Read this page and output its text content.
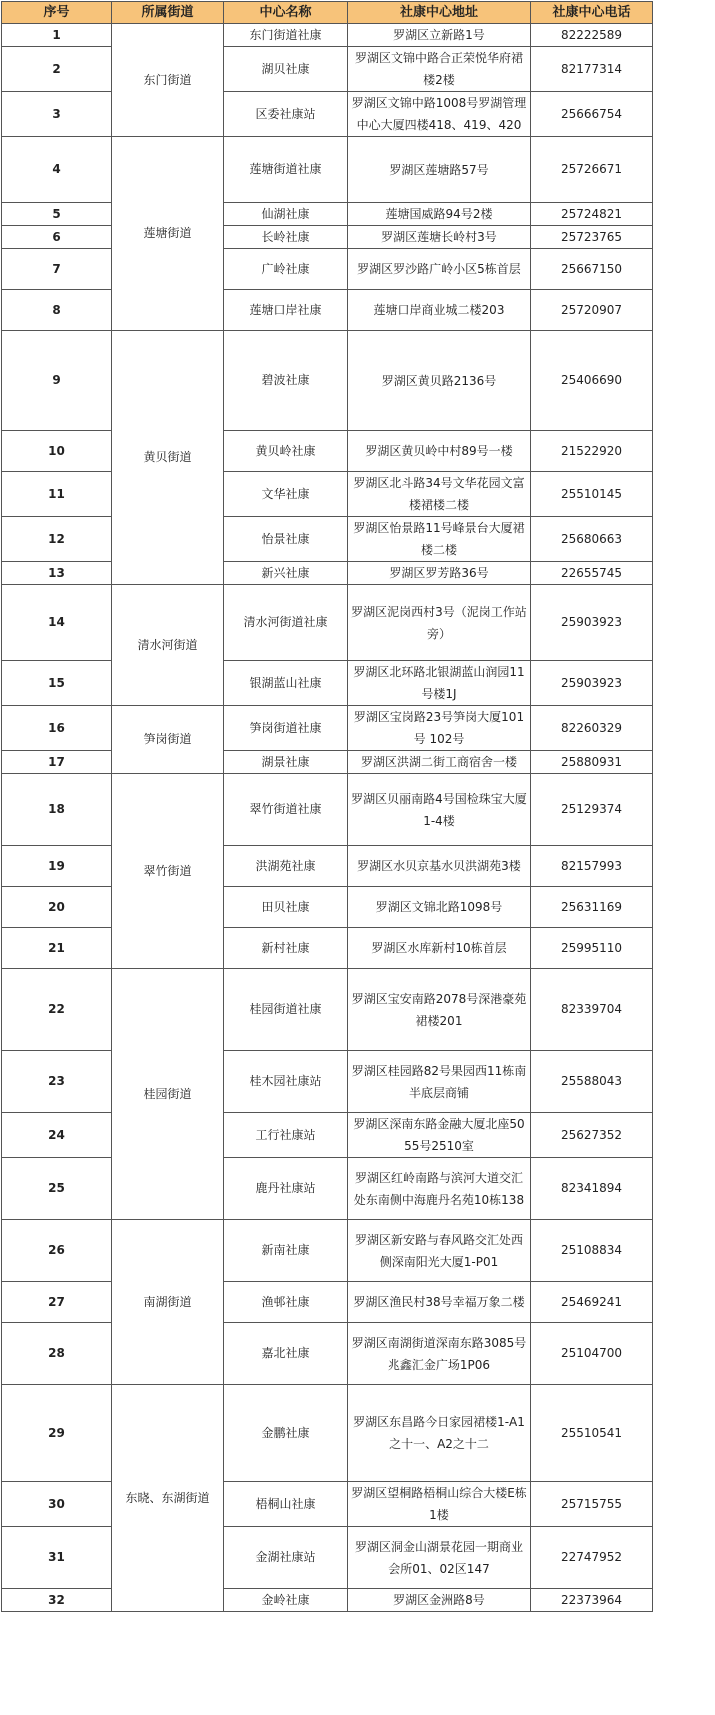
序号	所属街道	中心名称	社康中心地址	社康中心电话
1	东门街道	东门街道社康	罗湖区立新路1号	82222589
2		湖贝社康	罗湖区文锦中路合正荣悦华府裙楼2楼	82177314
3		区委社康站	罗湖区文锦中路1008号罗湖管理中心大厦四楼418、419、420	25666754
4	莲塘街道	莲塘街道社康	罗湖区莲塘路57号	25726671
5		仙湖社康	莲塘国威路94号2楼	25724821
6		长岭社康	罗湖区莲塘长岭村3号	25723765
7		广岭社康	罗湖区罗沙路广岭小区5栋首层	25667150
8		莲塘口岸社康	莲塘口岸商业城二楼203	25720907
9	黄贝街道	碧波社康	罗湖区黄贝路2136号	25406690
10		黄贝岭社康	罗湖区黄贝岭中村89号一楼	21522920
11		文华社康	罗湖区北斗路34号文华花园文富楼裙楼二楼	25510145
12		怡景社康	罗湖区怡景路11号峰景台大厦裙楼二楼	25680663
13		新兴社康	罗湖区罗芳路36号	22655745
14	清水河街道	清水河街道社康	罗湖区泥岗西村3号（泥岗工作站旁）	25903923
15		银湖蓝山社康	罗湖区北环路北银湖蓝山润园11号楼1J	25903923
16	笋岗街道	笋岗街道社康	罗湖区宝岗路23号笋岗大厦101号 102号	82260329
17		湖景社康	罗湖区洪湖二街工商宿舍一楼	25880931
18	翠竹街道	翠竹街道社康	罗湖区贝丽南路4号国检珠宝大厦1-4楼	25129374
19		洪湖苑社康	罗湖区水贝京基水贝洪湖苑3楼	82157993
20		田贝社康	罗湖区文锦北路1098号	25631169
21		新村社康	罗湖区水库新村10栋首层	25995110
22	桂园街道	桂园街道社康	罗湖区宝安南路2078号深港豪苑裙楼201	82339704
23		桂木园社康站	罗湖区桂园路82号果园西11栋南半底层商铺	25588043
24		工行社康站	罗湖区深南东路金融大厦北座5055号2510室	25627352
25		鹿丹社康站	罗湖区红岭南路与滨河大道交汇处东南侧中海鹿丹名苑10栋138	82341894
26	南湖街道	新南社康	罗湖区新安路与春风路交汇处西侧深南阳光大厦1-P01	25108834
27		渔邨社康	罗湖区渔民村38号幸福万象二楼	25469241
28		嘉北社康	罗湖区南湖街道深南东路3085号兆鑫汇金广场1P06	25104700
29	东晓、东湖街道	金鹏社康	罗湖区东昌路今日家园裙楼1-A1之十一、A2之十二	25510541
30		梧桐山社康	罗湖区望桐路梧桐山综合大楼E栋1楼	25715755
31		金湖社康站	罗湖区洞金山湖景花园一期商业会所01、02区147	22747952
32		金岭社康	罗湖区金洲路8号	22373964
